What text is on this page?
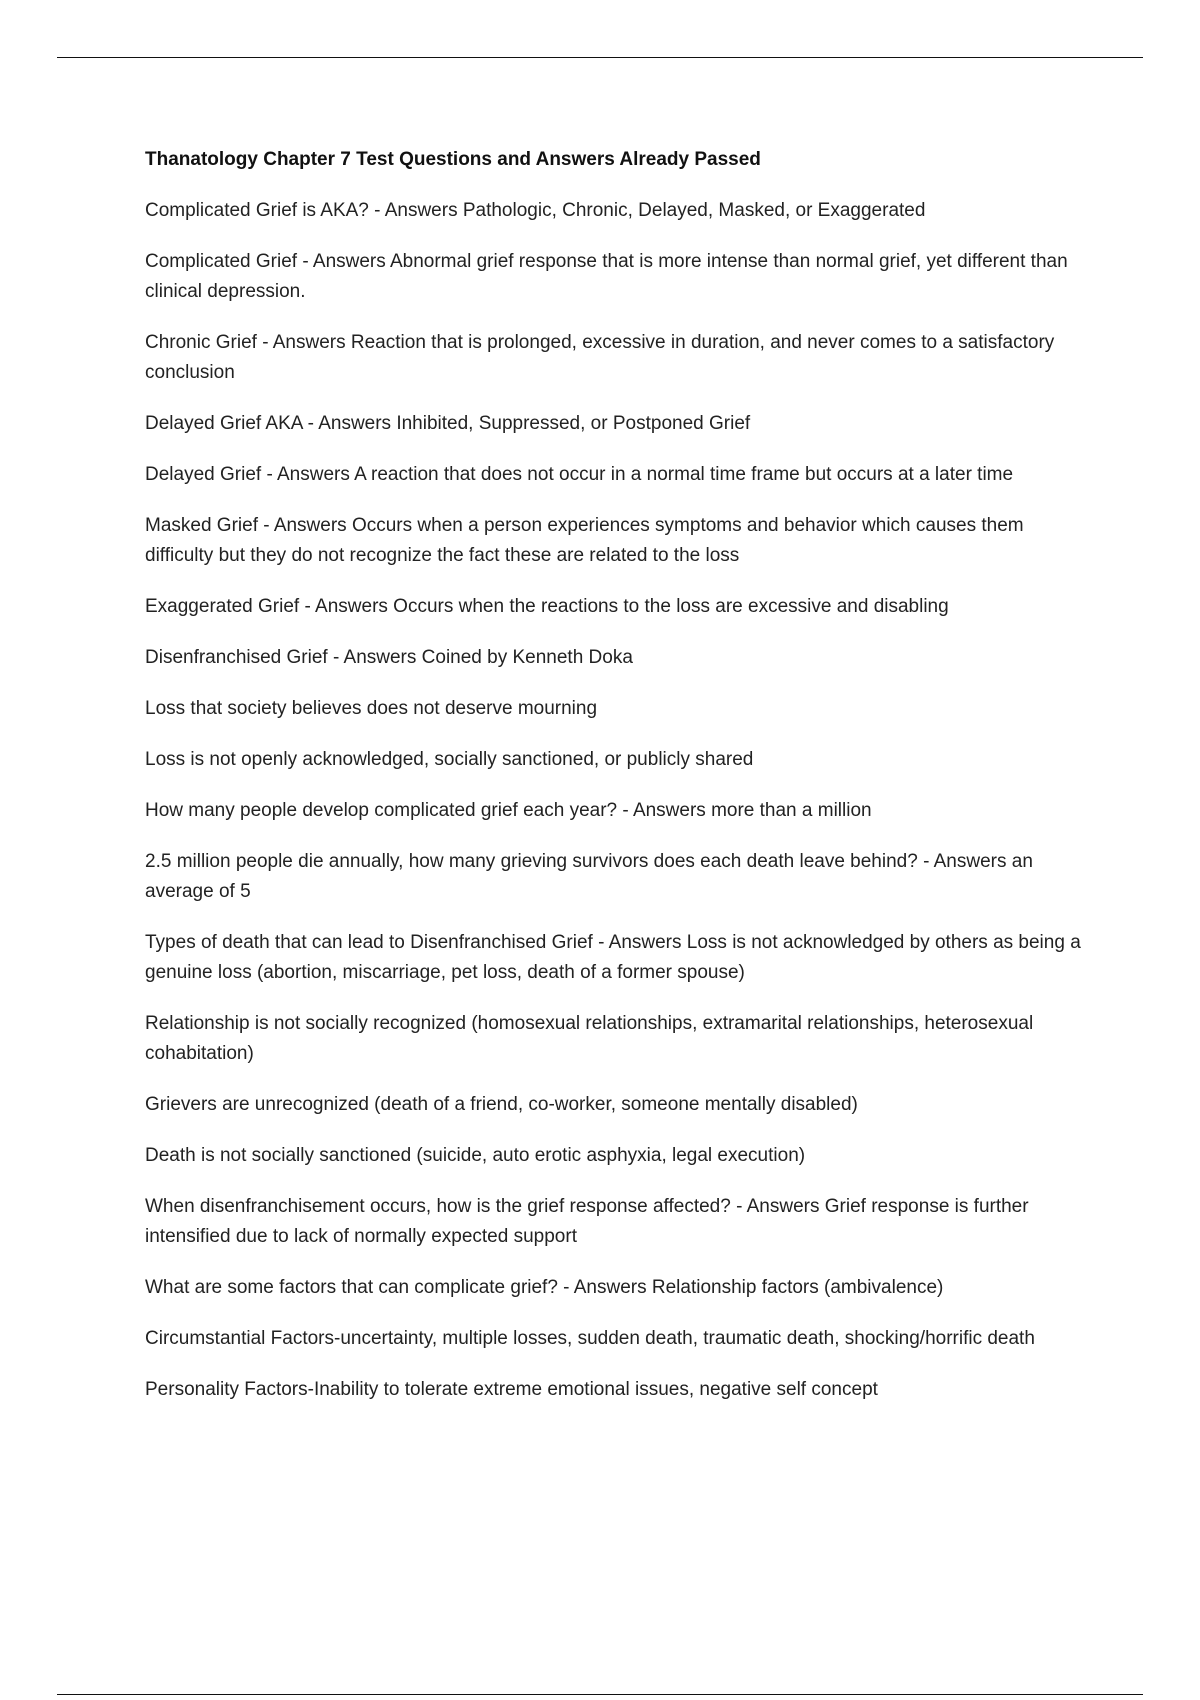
Thanatology Chapter 7 Test Questions and Answers Already Passed
Complicated Grief is AKA? - Answers Pathologic, Chronic, Delayed, Masked, or Exaggerated
Complicated Grief - Answers Abnormal grief response that is more intense than normal grief, yet different than clinical depression.
Chronic Grief - Answers Reaction that is prolonged, excessive in duration, and never comes to a satisfactory conclusion
Delayed Grief AKA - Answers Inhibited, Suppressed, or Postponed Grief
Delayed Grief - Answers A reaction that does not occur in a normal time frame but occurs at a later time
Masked Grief - Answers Occurs when a person experiences symptoms and behavior which causes them difficulty but they do not recognize the fact these are related to the loss
Exaggerated Grief - Answers Occurs when the reactions to the loss are excessive and disabling
Disenfranchised Grief - Answers Coined by Kenneth Doka
Loss that society believes does not deserve mourning
Loss is not openly acknowledged, socially sanctioned, or publicly shared
How many people develop complicated grief each year? - Answers more than a million
2.5 million people die annually, how many grieving survivors does each death leave behind? - Answers an average of 5
Types of death that can lead to Disenfranchised Grief - Answers Loss is not acknowledged by others as being a genuine loss (abortion, miscarriage, pet loss, death of a former spouse)
Relationship is not socially recognized (homosexual relationships, extramarital relationships, heterosexual cohabitation)
Grievers are unrecognized (death of a friend, co-worker, someone mentally disabled)
Death is not socially sanctioned (suicide, auto erotic asphyxia, legal execution)
When disenfranchisement occurs, how is the grief response affected? - Answers Grief response is further intensified due to lack of normally expected support
What are some factors that can complicate grief? - Answers Relationship factors (ambivalence)
Circumstantial Factors-uncertainty, multiple losses, sudden death, traumatic death, shocking/horrific death
Personality Factors-Inability to tolerate extreme emotional issues, negative self concept
